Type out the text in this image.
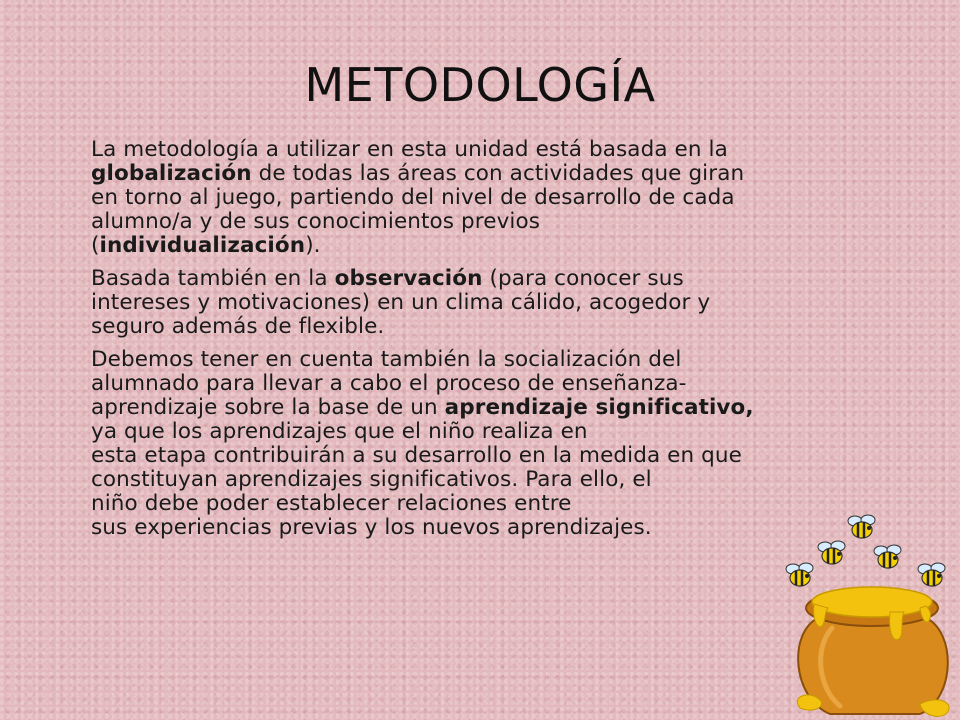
METODOLOGÍA

La metodología a utilizar en esta unidad está basada en la
globalización de todas las áreas con actividades que giran
en torno al juego, partiendo del nivel de desarrollo de cada
alumno/a y de sus conocimientos previos
(individualización).

Basada también en la observación (para conocer sus
intereses y motivaciones) en un clima cálido, acogedor y
seguro además de flexible.

Debemos tener en cuenta también la socialización del
alumnado para llevar a cabo el proceso de enseñanza-
aprendizaje sobre la base de un aprendizaje significativo,
ya que los aprendizajes que el niño realiza en
esta etapa contribuirán a su desarrollo en la medida en que
constituyan aprendizajes significativos. Para ello, el
niño debe poder establecer relaciones entre
sus experiencias previas y los nuevos aprendizajes.
